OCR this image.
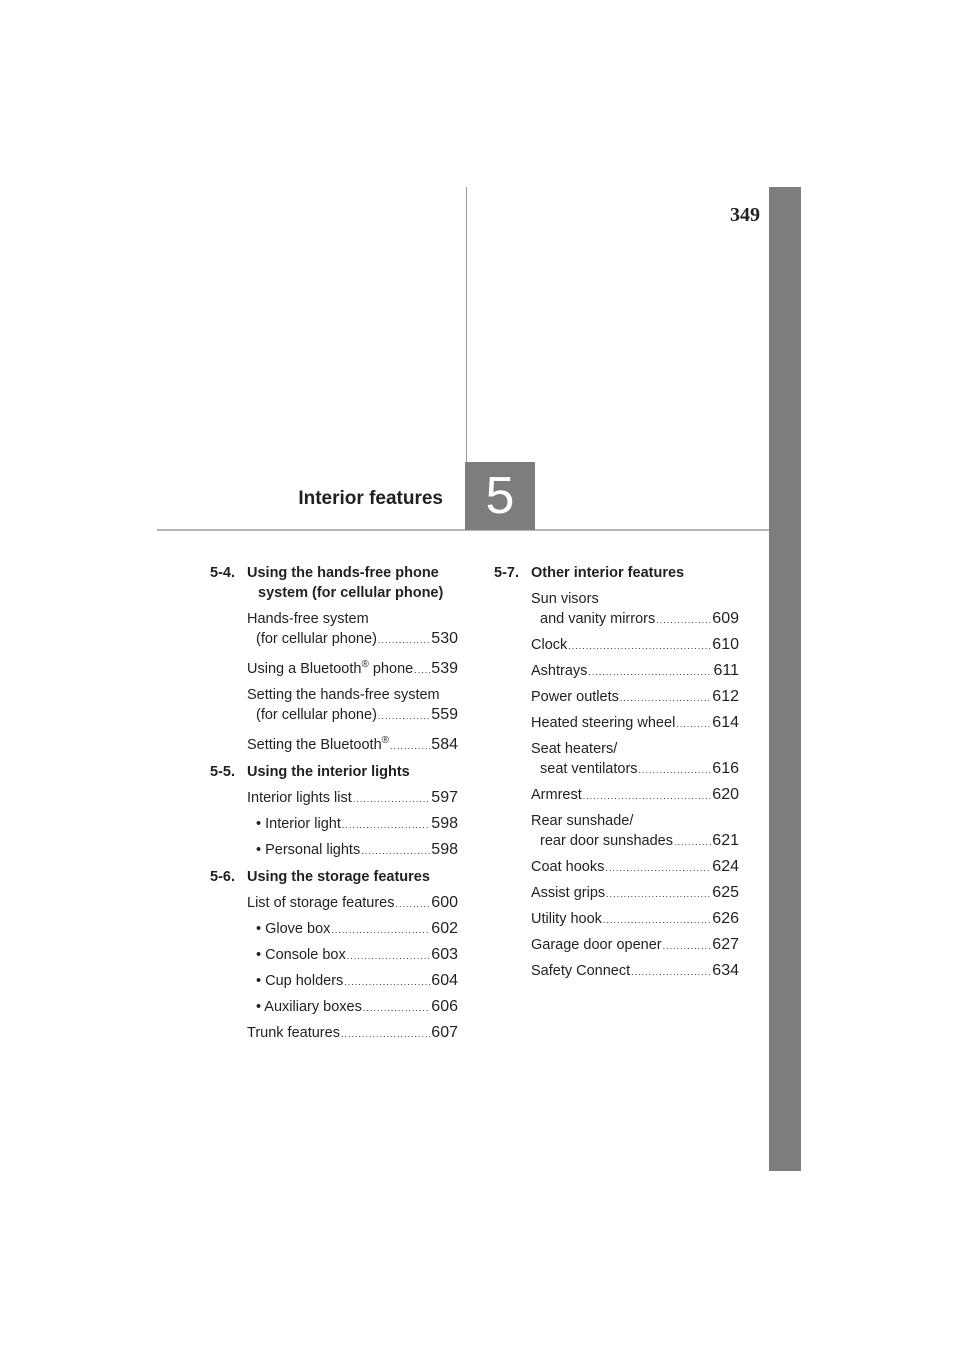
349
Interior features 5
5-4. Using the hands-free phone
system (for cellular phone)
Hands-free system
(for cellular phone) .....	530
Using a Bluetooth® phone ..... 539
Setting the hands-free system
(for cellular phone) .....	559
Setting the Bluetooth® .....	584
5-5. Using the interior lights
Interior lights list .....	597
• Interior light .....	598
• Personal lights .....	598
5-6. Using the storage features
List of storage features ..... 600
• Glove box .....	602
• Console box .....	603
• Cup holders .....	604
• Auxiliary boxes .....	606
Trunk features .....	607
5-7. Other interior features
Sun visors
and vanity mirrors .....	609
Clock .....	610
Ashtrays .....	611
Power outlets .....	612
Heated steering wheel ..... 614
Seat heaters/
seat ventilators .....	616
Armrest .....	620
Rear sunshade/
rear door sunshades ..... 621
Coat hooks .....	624
Assist grips .....	625
Utility hook .....	626
Garage door opener .....	627
Safety Connect .....	634
